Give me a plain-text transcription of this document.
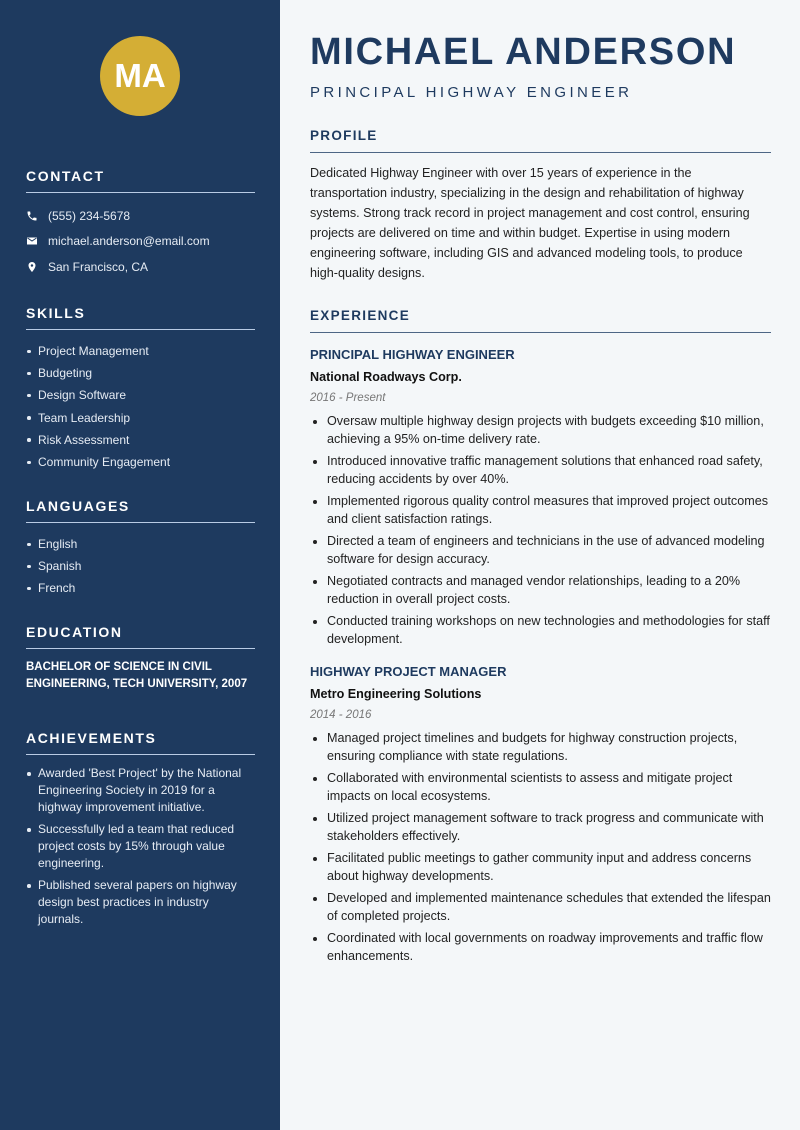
MA
CONTACT
(555) 234-5678
michael.anderson@email.com
San Francisco, CA
SKILLS
Project Management
Budgeting
Design Software
Team Leadership
Risk Assessment
Community Engagement
LANGUAGES
English
Spanish
French
EDUCATION

BACHELOR OF SCIENCE IN CIVIL ENGINEERING, TECH UNIVERSITY, 2007

ACHIEVEMENTS
Awarded 'Best Project' by the National Engineering Society in 2019 for a highway improvement initiative.
Successfully led a team that reduced project costs by 15% through value engineering.
Published several papers on highway design best practices in industry journals.
MICHAEL ANDERSON
PRINCIPAL HIGHWAY ENGINEER
PROFILE

Dedicated Highway Engineer with over 15 years of experience in the transportation industry, specializing in the design and rehabilitation of highway systems. Strong track record in project management and cost control, ensuring projects are delivered on time and within budget. Expertise in using modern engineering software, including GIS and advanced modeling tools, to produce high-quality designs.

EXPERIENCE
PRINCIPAL HIGHWAY ENGINEER
National Roadways Corp.
2016 - Present
Oversaw multiple highway design projects with budgets exceeding $10 million, achieving a 95% on-time delivery rate.
Introduced innovative traffic management solutions that enhanced road safety, reducing accidents by over 40%.
Implemented rigorous quality control measures that improved project outcomes and client satisfaction ratings.
Directed a team of engineers and technicians in the use of advanced modeling software for design accuracy.
Negotiated contracts and managed vendor relationships, leading to a 20% reduction in overall project costs.
Conducted training workshops on new technologies and methodologies for staff development.
HIGHWAY PROJECT MANAGER
Metro Engineering Solutions
2014 - 2016
Managed project timelines and budgets for highway construction projects, ensuring compliance with state regulations.
Collaborated with environmental scientists to assess and mitigate project impacts on local ecosystems.
Utilized project management software to track progress and communicate with stakeholders effectively.
Facilitated public meetings to gather community input and address concerns about highway developments.
Developed and implemented maintenance schedules that extended the lifespan of completed projects.
Coordinated with local governments on roadway improvements and traffic flow enhancements.
